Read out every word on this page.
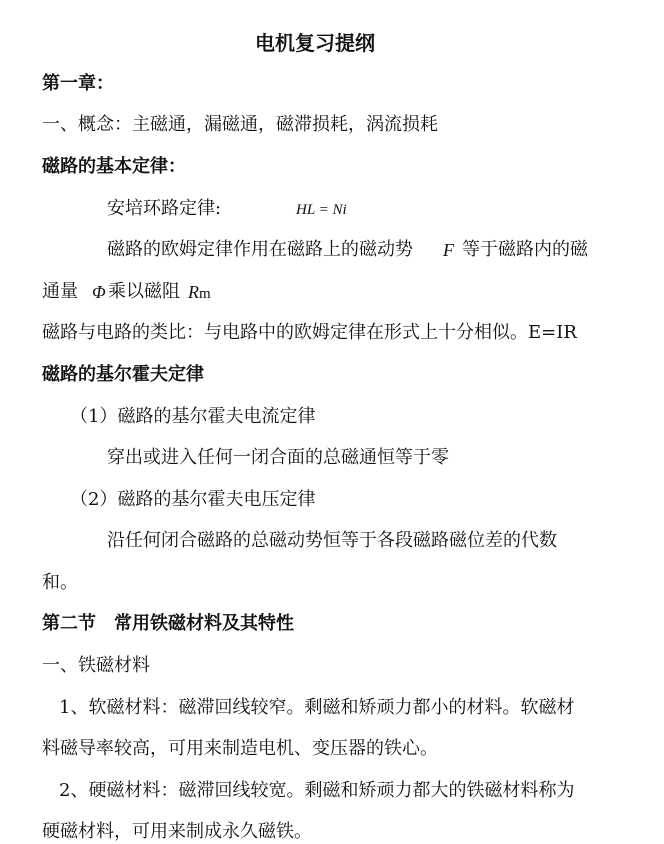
电机复习提纲
第一章：
一、概念：主磁通，漏磁通，磁滞损耗，涡流损耗
磁路的基本定律：
安培环路定律:	HL = Ni
磁路的欧姆定律作用在磁路上的磁动势 F 等于磁路内的磁
通量 Φ 乘以磁阻 Rm
磁路与电路的类比：与电路中的欧姆定律在形式上十分相似。E=IR
磁路的基尔霍夫定律
（1）磁路的基尔霍夫电流定律
穿出或进入任何一闭合面的总磁通恒等于零
（2）磁路的基尔霍夫电压定律
沿任何闭合磁路的总磁动势恒等于各段磁路磁位差的代数
和。
第二节　常用铁磁材料及其特性
一、铁磁材料
1、软磁材料：磁滞回线较窄。剩磁和矫顽力都小的材料。软磁材
料磁导率较高，可用来制造电机、变压器的铁心。
2、硬磁材料：磁滞回线较宽。剩磁和矫顽力都大的铁磁材料称为
硬磁材料，可用来制成永久磁铁。
